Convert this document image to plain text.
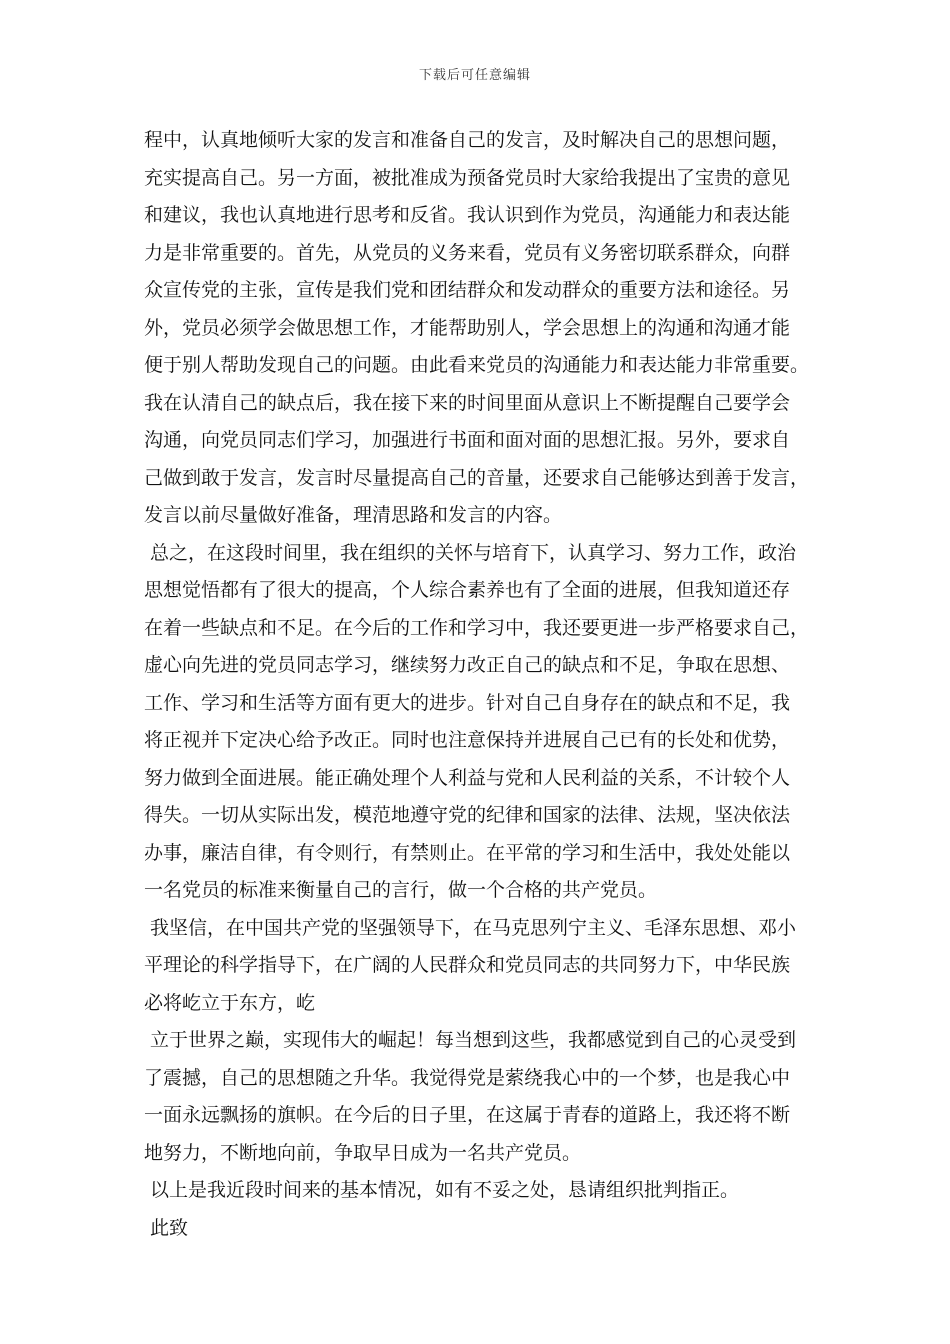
下载后可任意编辑
程中，认真地倾听大家的发言和准备自己的发言，及时解决自己的思想问题，
充实提高自己。另一方面，被批准成为预备党员时大家给我提出了宝贵的意见
和建议，我也认真地进行思考和反省。我认识到作为党员，沟通能力和表达能
力是非常重要的。首先，从党员的义务来看，党员有义务密切联系群众，向群
众宣传党的主张，宣传是我们党和团结群众和发动群众的重要方法和途径。另
外，党员必须学会做思想工作，才能帮助别人，学会思想上的沟通和沟通才能
便于别人帮助发现自己的问题。由此看来党员的沟通能力和表达能力非常重要。
我在认清自己的缺点后，我在接下来的时间里面从意识上不断提醒自己要学会
沟通，向党员同志们学习，加强进行书面和面对面的思想汇报。另外，要求自
己做到敢于发言，发言时尽量提高自己的音量，还要求自己能够达到善于发言，
发言以前尽量做好准备，理清思路和发言的内容。
总之，在这段时间里，我在组织的关怀与培育下，认真学习、努力工作，政治
思想觉悟都有了很大的提高，个人综合素养也有了全面的进展，但我知道还存
在着一些缺点和不足。在今后的工作和学习中，我还要更进一步严格要求自己，
虚心向先进的党员同志学习，继续努力改正自己的缺点和不足，争取在思想、
工作、学习和生活等方面有更大的进步。针对自己自身存在的缺点和不足，我
将正视并下定决心给予改正。同时也注意保持并进展自己已有的长处和优势，
努力做到全面进展。能正确处理个人利益与党和人民利益的关系，不计较个人
得失。一切从实际出发，模范地遵守党的纪律和国家的法律、法规，坚决依法
办事，廉洁自律，有令则行，有禁则止。在平常的学习和生活中，我处处能以
一名党员的标准来衡量自己的言行，做一个合格的共产党员。
我坚信，在中国共产党的坚强领导下，在马克思列宁主义、毛泽东思想、邓小
平理论的科学指导下，在广阔的人民群众和党员同志的共同努力下，中华民族
必将屹立于东方，屹
立于世界之巅，实现伟大的崛起！每当想到这些，我都感觉到自己的心灵受到
了震撼，自己的思想随之升华。我觉得党是萦绕我心中的一个梦，也是我心中
一面永远飘扬的旗帜。在今后的日子里，在这属于青春的道路上，我还将不断
地努力，不断地向前，争取早日成为一名共产党员。
以上是我近段时间来的基本情况，如有不妥之处，恳请组织批判指正。
此致
